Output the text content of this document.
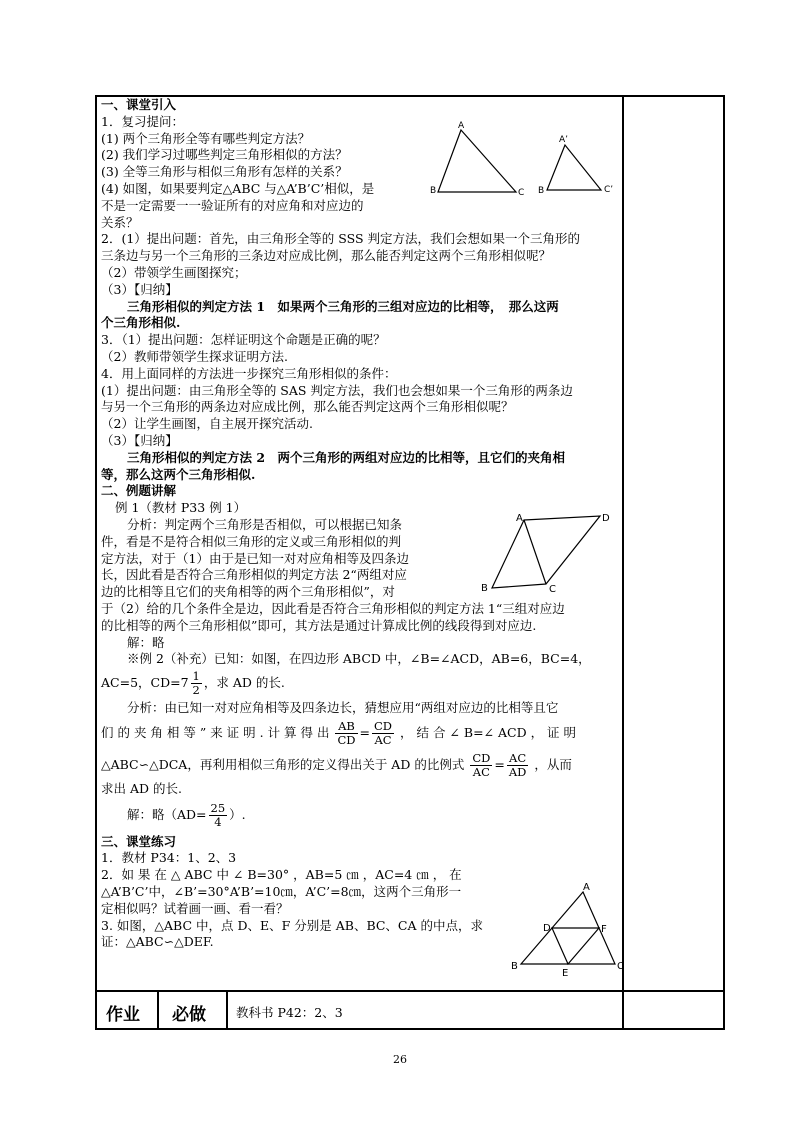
一、课堂引入
1．复习提问：
(1) 两个三角形全等有哪些判定方法？
(2) 我们学习过哪些判定三角形相似的方法？
(3) 全等三角形与相似三角形有怎样的关系？
(4) 如图，如果要判定△ABC 与△A’B’C’相似，是
不是一定需要一一验证所有的对应角和对应边的
关系？
2．(1）提出问题：首先，由三角形全等的 SSS 判定方法，我们会想如果一个三角形的
三条边与另一个三角形的三条边对应成比例，那么能否判定这两个三角形相似呢？
（2）带领学生画图探究；
（3）【归纳】
三角形相似的判定方法 1　如果两个三角形的三组对应边的比相等，　那么这两
个三角形相似.
3．（1）提出问题：怎样证明这个命题是正确的呢？
（2）教师带领学生探求证明方法.
4．用上面同样的方法进一步探究三角形相似的条件：
(1）提出问题：由三角形全等的 SAS 判定方法，我们也会想如果一个三角形的两条边
与另一个三角形的两条边对应成比例，那么能否判定这两个三角形相似呢？
（2）让学生画图，自主展开探究活动.
（3）【归纳】
三角形相似的判定方法 2　两个三角形的两组对应边的比相等，且它们的夹角相
等，那么这两个三角形相似.
二、例题讲解
例 1（教材 P33 例 1）
分析：判定两个三角形是否相似，可以根据已知条
件，看是不是符合相似三角形的定义或三角形相似的判
定方法，对于（1）由于是已知一对对应角相等及四条边
长，因此看是否符合三角形相似的判定方法 2“两组对应
边的比相等且它们的夹角相等的两个三角形相似”，对
于（2）给的几个条件全是边，因此看是否符合三角形相似的判定方法 1“三组对应边
的比相等的两个三角形相似”即可，其方法是通过计算成比例的线段得到对应边.
解：略
※例 2（补充）已知：如图，在四边形 ABCD 中，∠B=∠ACD，AB=6，BC=4，
AC=5，$CD=7 \frac{1}{2}$ ，求 AD 的长.
分析：由已知一对对应角相等及四条边长，猜想应用“两组对应边的比相等且它
们 的 夹 角 相 等 ” 来 证 明 . 计 算 得 出 $\frac{AB}{CD} = \frac{CD}{AC}$ ， 结 合 ∠ B=∠ ACD ， 证 明
△ABC∽△DCA，再利用相似三角形的定义得出关于 AD 的比例式 $\frac{CD}{AC} = \frac{AC}{AD}$ ，从而
求出 AD 的长.
解：略（$AD= \frac{25}{4}$ ）.
三、课堂练习
1．教材 P34：1、2、3
2．如 果 在 △ ABC 中 ∠ B=30° ，AB=5 ㎝ ，AC=4 ㎝ ， 在
△A’B’C’中，∠B’=30°A’B’=10㎝，A’C’=8㎝，这两个三角形一
定相似吗？试着画一画、看一看？
3. 如图，△ABC 中，点 D、E、F 分别是 AB、BC、CA 的中点，求
证：△ABC∽△DEF.
A
B	C
A’
B	C’
A	D
B	C
A
D	F
B
E
C
作业 必做 教科书 P42：2、3
26
